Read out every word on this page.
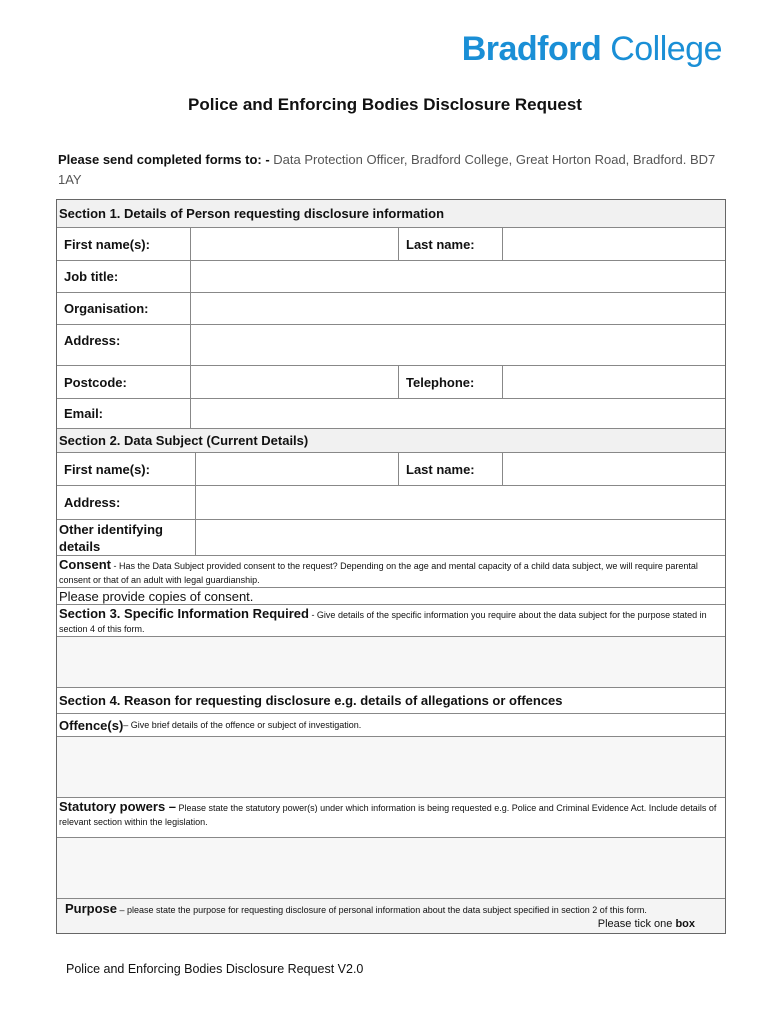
Bradford College
Police and Enforcing Bodies Disclosure Request
Please send completed forms to: - Data Protection Officer, Bradford College, Great Horton Road, Bradford. BD7 1AY
Section 1. Details of Person requesting disclosure information
First name(s):	Last name:
Job title:
Organisation:
Address:
Postcode:	Telephone:
Email:
Section 2. Data Subject (Current Details)
First name(s):	Last name:
Address:
Other identifying details
Consent - Has the Data Subject provided consent to the request? Depending on the age and mental capacity of a child data subject, we will require parental consent or that of an adult with legal guardianship.
Please provide copies of consent.
Section 3. Specific Information Required - Give details of the specific information you require about the data subject for the purpose stated in section 4 of this form.
Section 4. Reason for requesting disclosure e.g. details of allegations or offences
Offence(s) – Give brief details of the offence or subject of investigation.
Statutory powers – Please state the statutory power(s) under which information is being requested e.g. Police and Criminal Evidence Act. Include details of relevant section within the legislation.
Purpose – please state the purpose for requesting disclosure of personal information about the data subject specified in section 2 of this form.
Please tick one box
Police and Enforcing Bodies Disclosure Request V2.0
